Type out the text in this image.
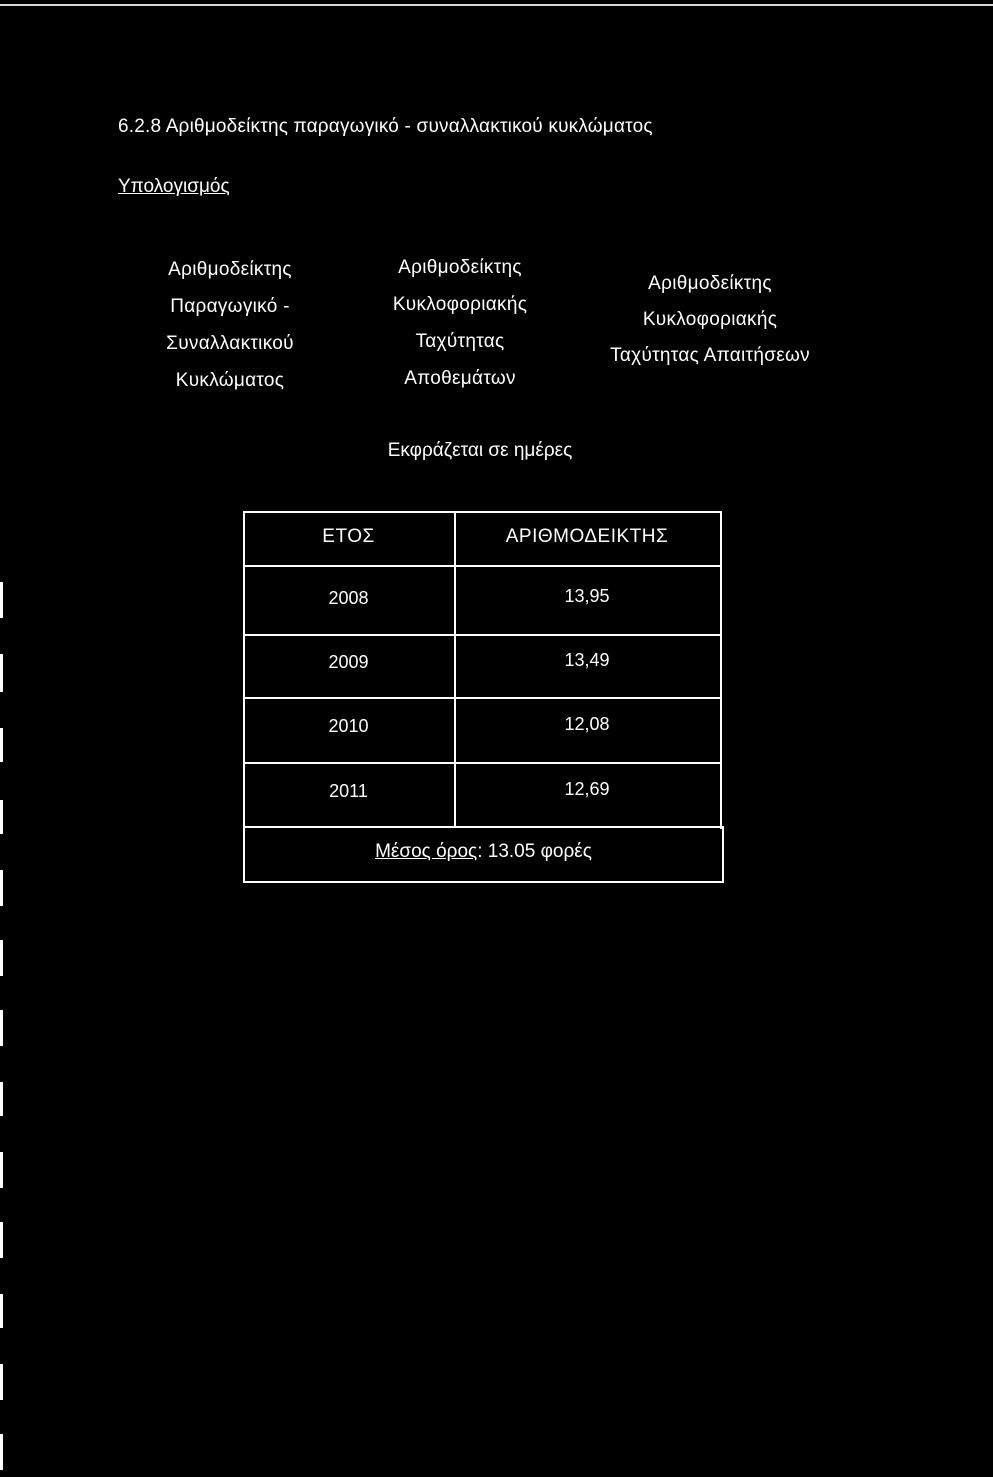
6.2.8 Αριθμοδείκτης παραγωγικό - συναλλακτικού κυκλώματος
Υπολογισμός
Αριθμοδείκτης
Παραγωγικό -
Συναλλακτικού
Κυκλώματος
Αριθμοδείκτης
Κυκλοφοριακής
Ταχύτητας
Αποθεμάτων
Αριθμοδείκτης
Κυκλοφοριακής
Ταχύτητας Απαιτήσεων
Εκφράζεται σε ημέρες
ΕΤΟΣ	ΑΡΙΘΜΟΔΕΙΚΤΗΣ
2008	13,95
2009	13,49
2010	12,08
2011	12,69
Μέσος όρος: 13.05 φορές
